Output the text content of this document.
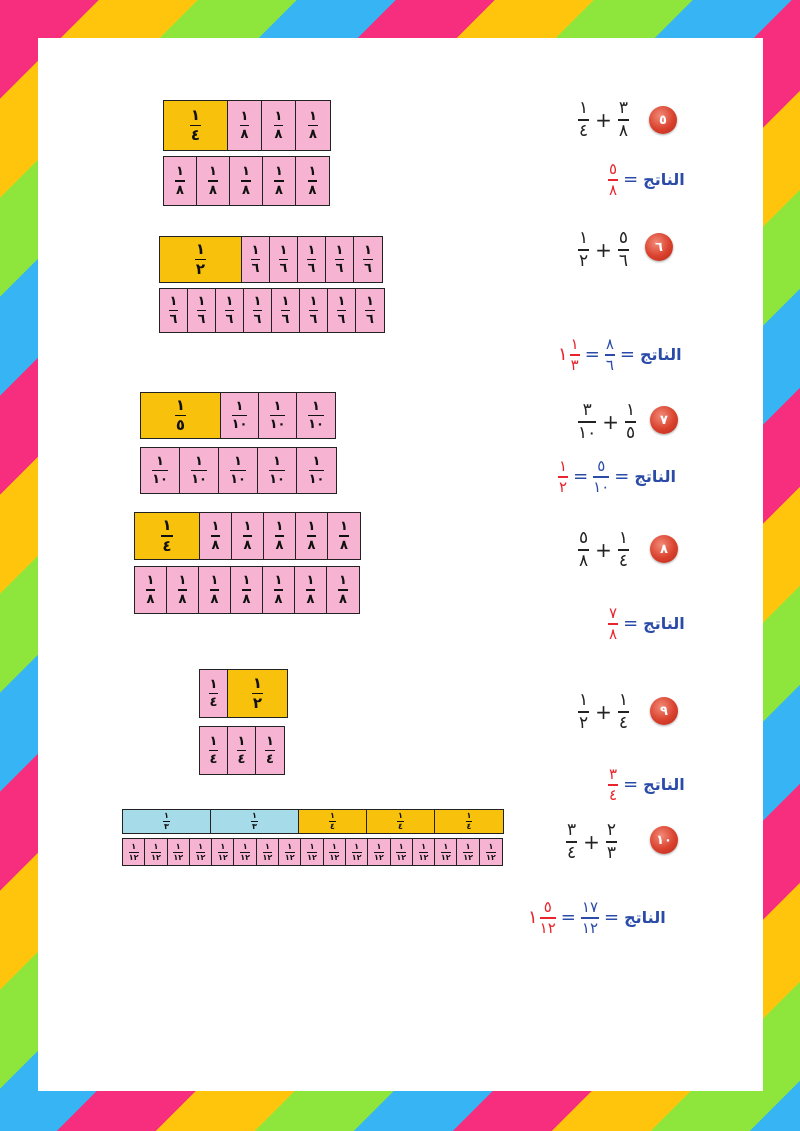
٥
$\frac{١}{٤} + \frac{٣}{٨}$
$\frac{٥}{٨}$ = الناتج
$\frac{١}{٤}$	$\frac{١}{٨} \frac{١}{٨} \frac{١}{٨}$
$\frac{١}{٨} \frac{١}{٨} \frac{١}{٨} \frac{١}{٨} \frac{١}{٨}$
٦
$\frac{١}{٢} + \frac{٥}{٦}$
١ $\frac{١}{٣} = \frac{٨}{٦}$ = الناتج
$\frac{١}{٢}$	$\frac{١}{٦} \frac{١}{٦} \frac{١}{٦} \frac{١}{٦} \frac{١}{٦}$
$\frac{١}{٦} \frac{١}{٦} \frac{١}{٦} \frac{١}{٦} \frac{١}{٦} \frac{١}{٦} \frac{١}{٦} \frac{١}{٦}$
٧
$\frac{٣}{١٠} + \frac{١}{٥}$
$\frac{١}{٢} = \frac{٥}{١٠}$ = الناتج
$\frac{١}{٥}$	$\frac{١}{١٠} \frac{١}{١٠} \frac{١}{١٠}$
$\frac{١}{١٠} \frac{١}{١٠} \frac{١}{١٠} \frac{١}{١٠} \frac{١}{١٠}$
٨
$\frac{٥}{٨} + \frac{١}{٤}$
$\frac{٧}{٨}$ = الناتج
$\frac{١}{٤}$	$\frac{١}{٨} \frac{١}{٨} \frac{١}{٨} \frac{١}{٨} \frac{١}{٨}$
$\frac{١}{٨} \frac{١}{٨} \frac{١}{٨} \frac{١}{٨} \frac{١}{٨} \frac{١}{٨} \frac{١}{٨}$
٩
$\frac{١}{٢} + \frac{١}{٤}$
$\frac{٣}{٤}$ = الناتج
$\frac{١}{٤} \frac{١}{٢}$
$\frac{١}{٤} \frac{١}{٤} \frac{١}{٤}$
١٠
$\frac{٣}{٤} + \frac{٢}{٣}$
١ $\frac{٥}{١٢} = \frac{١٧}{١٢}$ = الناتج
$\frac{١}{٣}$	$\frac{١}{٣}$	$\frac{١}{٤}$	$\frac{١}{٤}$	$\frac{١}{٤}$
$\frac{١}{١٢} \frac{١}{١٢} \frac{١}{١٢} \frac{١}{١٢} \frac{١}{١٢} \frac{١}{١٢} \frac{١}{١٢} \frac{١}{١٢} \frac{١}{١٢} \frac{١}{١٢} \frac{١}{١٢} \frac{١}{١٢} \frac{١}{١٢} \frac{١}{١٢} \frac{١}{١٢} \frac{١}{١٢} \frac{١}{١٢}$
